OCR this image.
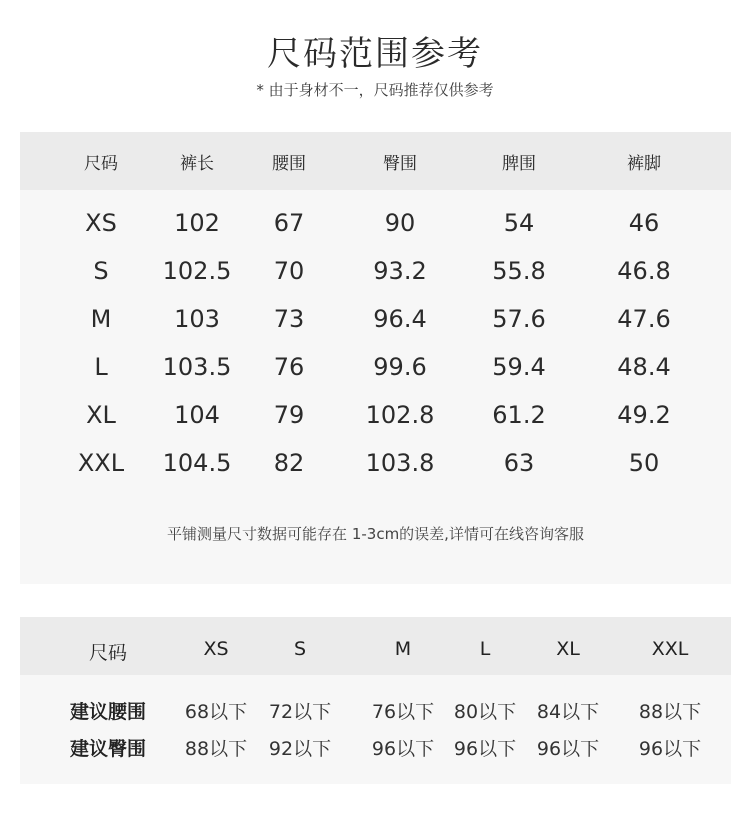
尺码范围参考
* 由于身材不一，尺码推荐仅供参考
尺码	裤长	腰围	臀围	脾围	裤脚
XS	102	67	90	54	46
S	102.5	70	93.2	55.8	46.8
M	103	73	96.4	57.6	47.6
L	103.5	76	99.6	59.4	48.4
XL	104	79	102.8	61.2	49.2
XXL	104.5	82	103.8	63	50
平铺测量尺寸数据可能存在 1-3cm的误差,详情可在线咨询客服
尺码	XS	S	M	L	XL	XXL
建议腰围	68以下	72以下	76以下	80以下	84以下	88以下
建议臀围	88以下	92以下	96以下	96以下	96以下	96以下
